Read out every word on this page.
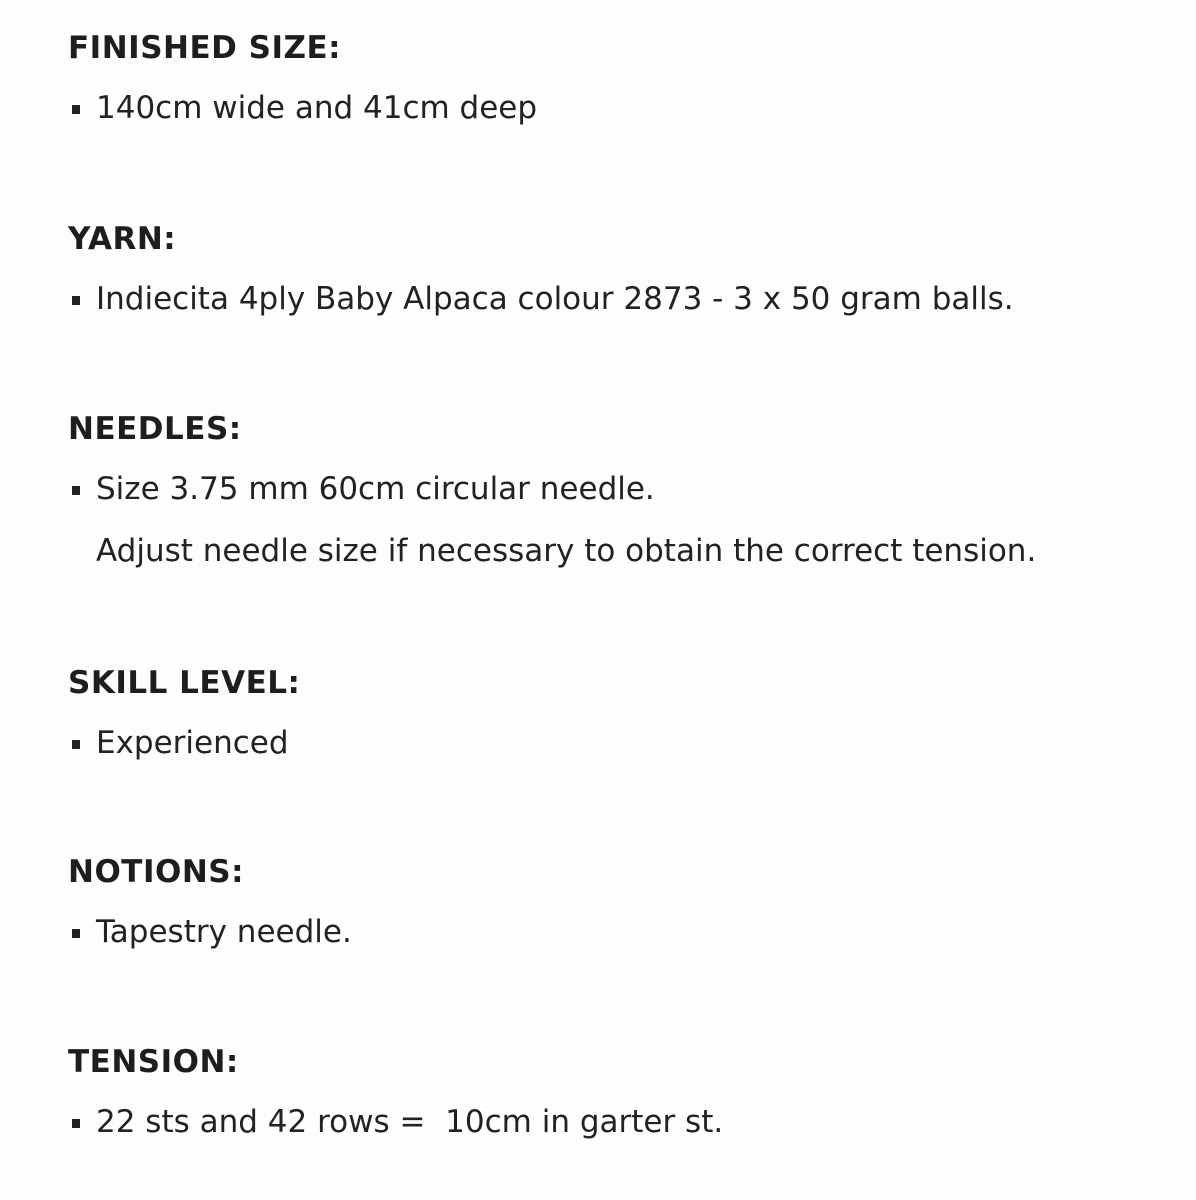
FINISHED SIZE:
140cm wide and 41cm deep
YARN:
Indiecita 4ply Baby Alpaca colour 2873 - 3 x 50 gram balls.
NEEDLES:
Size 3.75 mm 60cm circular needle.
Adjust needle size if necessary to obtain the correct tension.
SKILL LEVEL:
Experienced
NOTIONS:
Tapestry needle.
TENSION:
22 sts and 42 rows =  10cm in garter st.
